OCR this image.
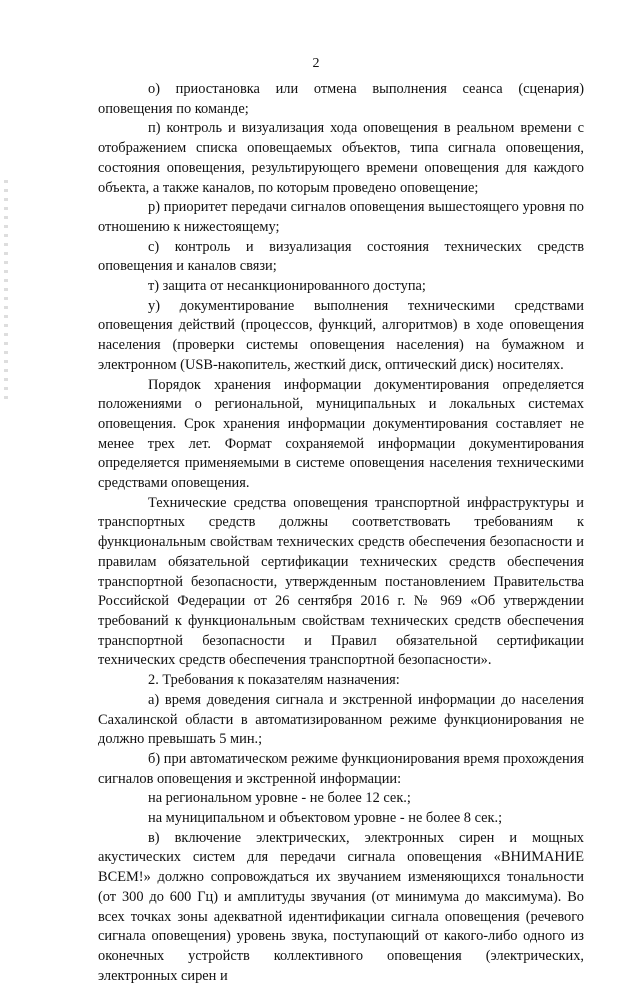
2

о) приостановка или отмена выполнения сеанса (сценария) оповещения по команде;

п) контроль и визуализация хода оповещения в реальном времени с отображением списка оповещаемых объектов, типа сигнала оповещения, состояния оповещения, результирующего времени оповещения для каждого объекта, а также каналов, по которым проведено оповещение;

р) приоритет передачи сигналов оповещения вышестоящего уровня по отношению к нижестоящему;

с) контроль и визуализация состояния технических средств оповещения и каналов связи;

т) защита от несанкционированного доступа;

у) документирование выполнения техническими средствами оповещения действий (процессов, функций, алгоритмов) в ходе оповещения населения (проверки системы оповещения населения) на бумажном и электронном (USB-накопитель, жесткий диск, оптический диск) носителях.

Порядок хранения информации документирования определяется положениями о региональной, муниципальных и локальных системах оповещения. Срок хранения информации документирования составляет не менее трех лет. Формат сохраняемой информации документирования определяется применяемыми в системе оповещения населения техническими средствами оповещения.

Технические средства оповещения транспортной инфраструктуры и транспортных средств должны соответствовать требованиям к функциональным свойствам технических средств обеспечения безопасности и правилам обязательной сертификации технических средств обеспечения транспортной безопасности, утвержденным постановлением Правительства Российской Федерации от 26 сентября 2016 г. № 969 «Об утверждении требований к функциональным свойствам технических средств обеспечения транспортной безопасности и Правил обязательной сертификации технических средств обеспечения транспортной безопасности».

2. Требования к показателям назначения:

а) время доведения сигнала и экстренной информации до населения Сахалинской области в автоматизированном режиме функционирования не должно превышать 5 мин.;

б) при автоматическом режиме функционирования время прохождения сигналов оповещения и экстренной информации:

на региональном уровне - не более 12 сек.;

на муниципальном и объектовом уровне - не более 8 сек.;

в) включение электрических, электронных сирен и мощных акустических систем для передачи сигнала оповещения «ВНИМАНИЕ ВСЕМ!» должно сопровождаться их звучанием изменяющихся тональности (от 300 до 600 Гц) и амплитуды звучания (от минимума до максимума). Во всех точках зоны адекватной идентификации сигнала оповещения (речевого сигнала оповещения) уровень звука, поступающий от какого-либо одного из оконечных устройств коллективного оповещения (электрических, электронных сирен и
